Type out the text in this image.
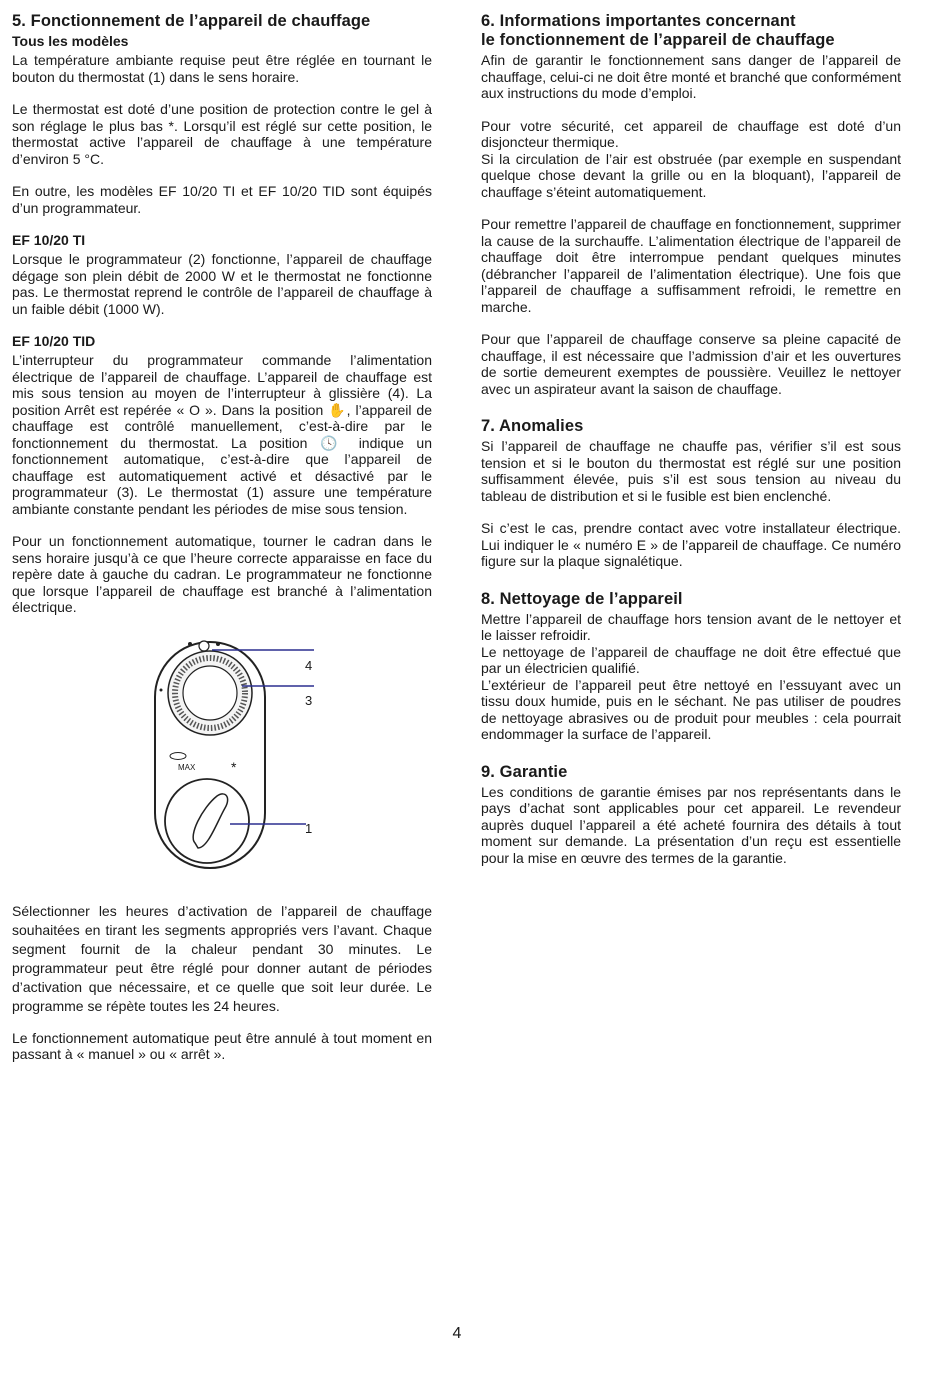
5. Fonctionnement de l’appareil de chauffage
Tous les modèles

La température ambiante requise peut être réglée en tournant le bouton du thermostat (1) dans le sens horaire.

Le thermostat est doté d’une position de protection contre le gel à son réglage le plus bas *. Lorsqu’il est réglé sur cette position, le thermostat active l’appareil de chauffage à une température d’environ 5 °C.

En outre, les modèles EF 10/20 TI et EF 10/20 TID sont équipés d’un programmateur.

EF 10/20 TI

Lorsque le programmateur (2) fonctionne, l’appareil de chauffage dégage son plein débit de 2000 W et le thermostat ne fonctionne pas. Le thermostat reprend le contrôle de l’appareil de chauffage à un faible débit (1000 W).

EF 10/20 TID

L’interrupteur du programmateur commande l’alimentation électrique de l’appareil de chauffage. L’appareil de chauffage est mis sous tension au moyen de l’interrupteur à glissière (4). La position Arrêt est repérée « O ». Dans la position ✋, l’appareil de chauffage est contrôlé manuellement, c’est-à-dire par le fonctionnement du thermostat. La position 🕓 indique un fonctionnement automatique, c’est-à-dire que l’appareil de chauffage est automatiquement activé et désactivé par le programmateur (3). Le thermostat (1) assure une température ambiante constante pendant les périodes de mise sous tension.

Pour un fonctionnement automatique, tourner le cadran dans le sens horaire jusqu’à ce que l’heure correcte apparaisse en face du repère date à gauche du cadran. Le programmateur ne fonctionne que lorsque l’appareil de chauffage est branché à l’alimentation électrique.

MAX	*
4
3
1

Sélectionner les heures d’activation de l’appareil de chauffage souhaitées en tirant les segments appropriés vers l’avant. Chaque segment fournit de la chaleur pendant 30 minutes. Le programmateur peut être réglé pour donner autant de périodes d’activation que nécessaire, et ce quelle que soit leur durée. Le programme se répète toutes les 24 heures.

Le fonctionnement automatique peut être annulé à tout moment en passant à « manuel » ou « arrêt ».

6. Informations importantes concernant
le fonctionnement de l’appareil de chauffage

Afin de garantir le fonctionnement sans danger de l’appareil de chauffage, celui-ci ne doit être monté et branché que conformément aux instructions du mode d’emploi.

Pour votre sécurité, cet appareil de chauffage est doté d’un disjoncteur thermique.

Si la circulation de l’air est obstruée (par exemple en suspendant quelque chose devant la grille ou en la bloquant), l’appareil de chauffage s’éteint automatiquement.

Pour remettre l’appareil de chauffage en fonctionnement, supprimer la cause de la surchauffe. L’alimentation électrique de l’appareil de chauffage doit être interrompue pendant quelques minutes (débrancher l’appareil de l’alimentation électrique). Une fois que l’appareil de chauffage a suffisamment refroidi, le remettre en marche.

Pour que l’appareil de chauffage conserve sa pleine capacité de chauffage, il est nécessaire que l’admission d’air et les ouvertures de sortie demeurent exemptes de poussière. Veuillez le nettoyer avec un aspirateur avant la saison de chauffage.

7. Anomalies

Si l’appareil de chauffage ne chauffe pas, vérifier s’il est sous tension et si le bouton du thermostat est réglé sur une position suffisamment élevée, puis s’il est sous tension au niveau du tableau de distribution et si le fusible est bien enclenché.

Si c’est le cas, prendre contact avec votre installateur électrique. Lui indiquer le « numéro E » de l’appareil de chauffage. Ce numéro figure sur la plaque signalétique.

8. Nettoyage de l’appareil

Mettre l’appareil de chauffage hors tension avant de le nettoyer et le laisser refroidir.

Le nettoyage de l’appareil de chauffage ne doit être effectué que par un électricien qualifié.

L’extérieur de l’appareil peut être nettoyé en l’essuyant avec un tissu doux humide, puis en le séchant. Ne pas utiliser de poudres de nettoyage abrasives ou de produit pour meubles : cela pourrait endommager la surface de l’appareil.

9. Garantie

Les conditions de garantie émises par nos représentants dans le pays d’achat sont applicables pour cet appareil. Le revendeur auprès duquel l’appareil a été acheté fournira des détails à tout moment sur demande. La présentation d’un reçu est essentielle pour la mise en œuvre des termes de la garantie.

4
